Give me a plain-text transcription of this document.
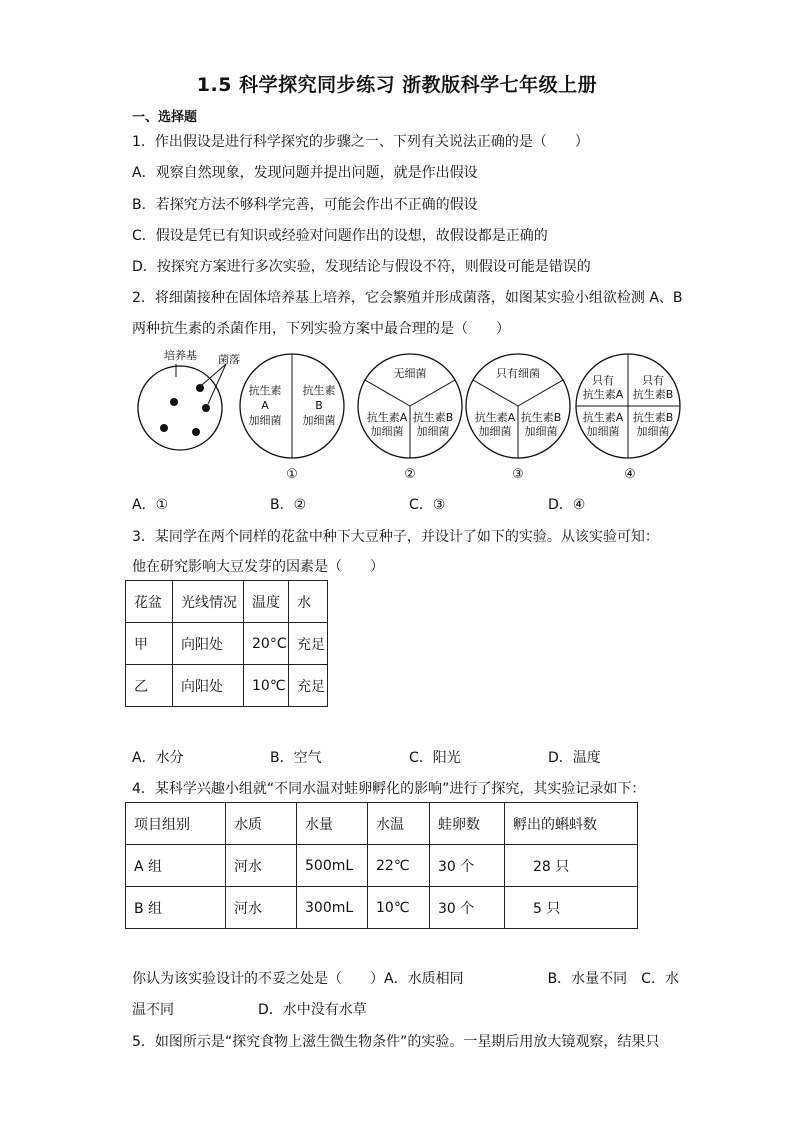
1.5 科学探究同步练习 浙教版科学七年级上册
一、选择题
1．作出假设是进行科学探究的步骤之一、下列有关说法正确的是（　　）
A．观察自然现象，发现问题并提出问题，就是作出假设
B．若探究方法不够科学完善，可能会作出不正确的假设
C．假设是凭已有知识或经验对问题作出的设想，故假设都是正确的
D．按探究方案进行多次实验，发现结论与假设不符，则假设可能是错误的
2．将细菌接种在固体培养基上培养，它会繁殖并形成菌落，如图某实验小组欲检测 A、B
两种抗生素的杀菌作用，下列实验方案中最合理的是（　　）
培养基 菌落
抗生素
A
加细菌
抗生素
B
加细菌
①
无细菌
抗生素A
加细菌
抗生素B
加细菌
②
只有细菌
抗生素A
加细菌
抗生素B
加细菌
③
只有
抗生素A
只有
抗生素B
抗生素A
加细菌
抗生素B
加细菌
④
A．①	B．②	C．③	D．④
3．某同学在两个同样的花盆中种下大豆种子，并设计了如下的实验。从该实验可知：
他在研究影响大豆发芽的因素是（　　）
花盆	光线情况	温度	水
甲	向阳处	20°C	充足
乙	向阳处	10℃	充足
A．水分	B．空气	C．阳光	D．温度
4．某科学兴趣小组就“不同水温对蛙卵孵化的影响”进行了探究，其实验记录如下：
项目组别	水质	水量	水温	蛙卵数	孵出的蝌蚪数
A 组	河水	500mL	22℃	30 个	28 只
B 组	河水	300mL	10℃	30 个	5 只
你认为该实验设计的不妥之处是（　　）A．水质相同　　　　　　B．水量不同　C．水
温不同　　　　　　D．水中没有水草
5．如图所示是“探究食物上滋生微生物条件”的实验。一星期后用放大镜观察，结果只
